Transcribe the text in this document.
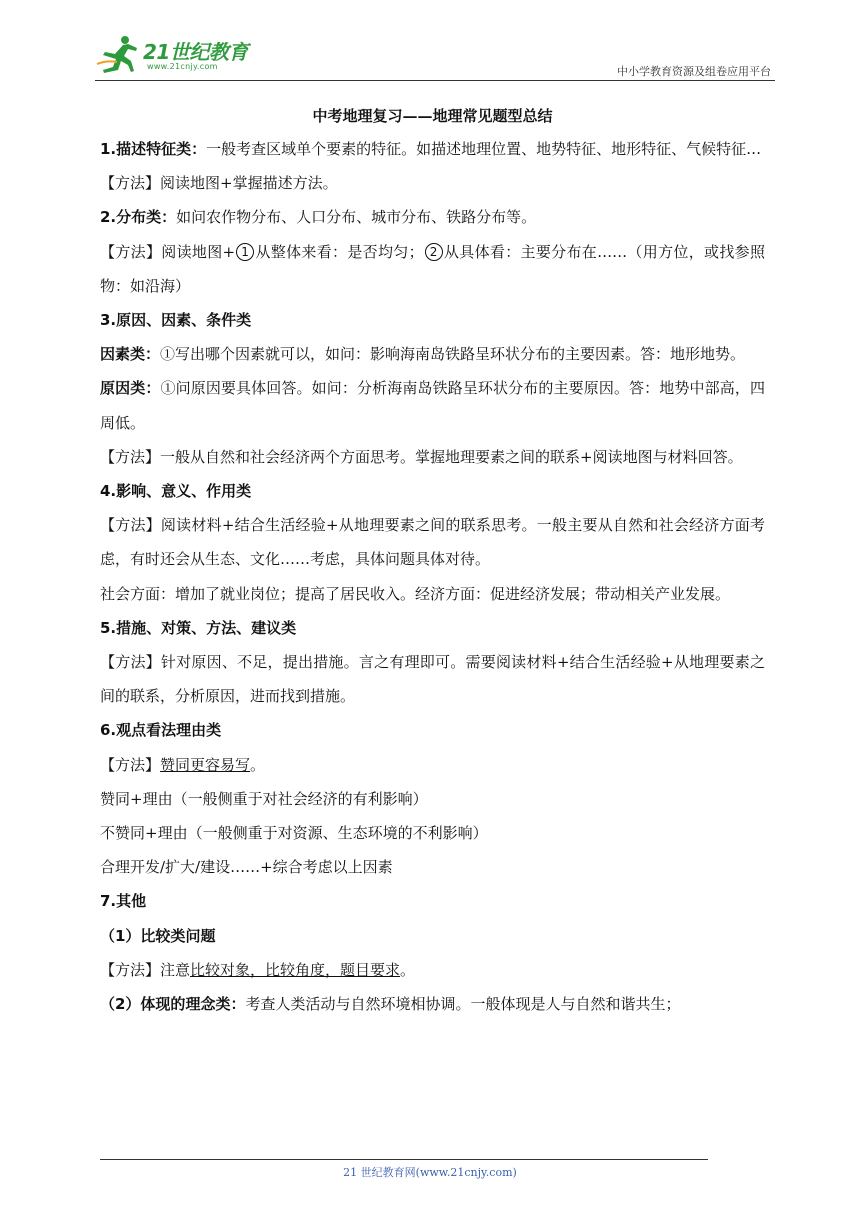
21世纪教育
www.21cnjy.com	中小学教育资源及组卷应用平台
中考地理复习——地理常见题型总结

1.描述特征类：一般考查区域单个要素的特征。如描述地理位置、地势特征、地形特征、气候特征…

【方法】阅读地图+掌握描述方法。

2.分布类：如问农作物分布、人口分布、城市分布、铁路分布等。

【方法】阅读地图+ 1 从整体来看：是否均匀； 2 从具体看：主要分布在……（用方位，或找参照物：如沿海）

3.原因、因素、条件类

因素类：①写出哪个因素就可以，如问：影响海南岛铁路呈环状分布的主要因素。答：地形地势。

原因类：①问原因要具体回答。如问：分析海南岛铁路呈环状分布的主要原因。答：地势中部高，四周低。

【方法】一般从自然和社会经济两个方面思考。掌握地理要素之间的联系+阅读地图与材料回答。

4.影响、意义、作用类

【方法】阅读材料+结合生活经验+从地理要素之间的联系思考。一般主要从自然和社会经济方面考虑，有时还会从生态、文化……考虑，具体问题具体对待。

社会方面：增加了就业岗位；提高了居民收入。经济方面：促进经济发展；带动相关产业发展。

5.措施、对策、方法、建议类

【方法】针对原因、不足，提出措施。言之有理即可。需要阅读材料+结合生活经验+从地理要素之间的联系，分析原因，进而找到措施。

6.观点看法理由类

【方法】赞同更容易写。

赞同+理由（一般侧重于对社会经济的有利影响）

不赞同+理由（一般侧重于对资源、生态环境的不利影响）

合理开发/扩大/建设……+综合考虑以上因素

7.其他

（1）比较类问题

【方法】注意比较对象，比较角度，题目要求。

（2）体现的理念类：考查人类活动与自然环境相协调。一般体现是人与自然和谐共生；

21 世纪教育网(www.21cnjy.com)
